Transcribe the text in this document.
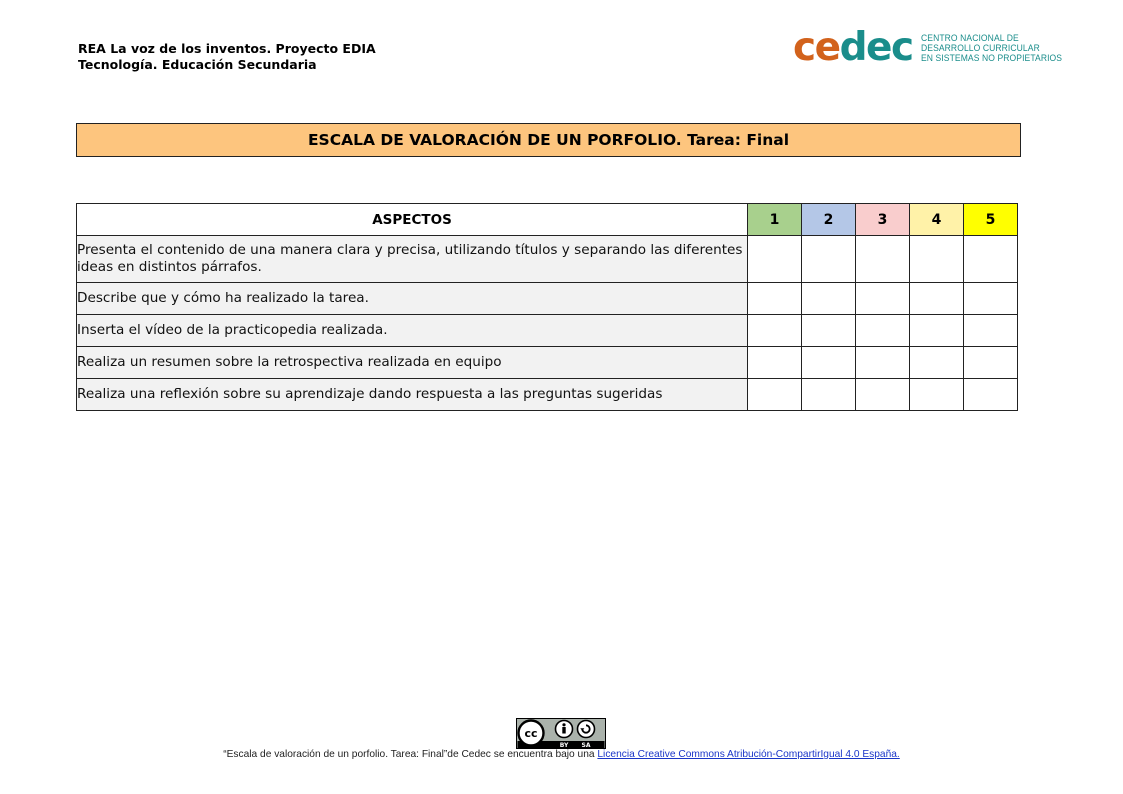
REA La voz de los inventos. Proyecto EDIA
Tecnología. Educación Secundaria	cedec CENTRO NACIONAL DE
DESARROLLO CURRICULAR
EN SISTEMAS NO PROPIETARIOS
ESCALA DE VALORACIÓN DE UN PORFOLIO. Tarea: Final
ASPECTOS	1	2	3	4	5
Presenta el contenido de una manera clara y precisa, utilizando títulos y separando las diferentes ideas en distintos párrafos.					
Describe que y cómo ha realizado la tarea.					
Inserta el vídeo de la practicopedia realizada.					
Realiza un resumen sobre la retrospectiva realizada en equipo					
Realiza una reflexión sobre su aprendizaje dando respuesta a las preguntas sugeridas					
cc
BY SA
“Escala de valoración de un porfolio. Tarea: Final”de Cedec se encuentra bajo una Licencia Creative Commons Atribución-CompartirIgual 4.0 España.
